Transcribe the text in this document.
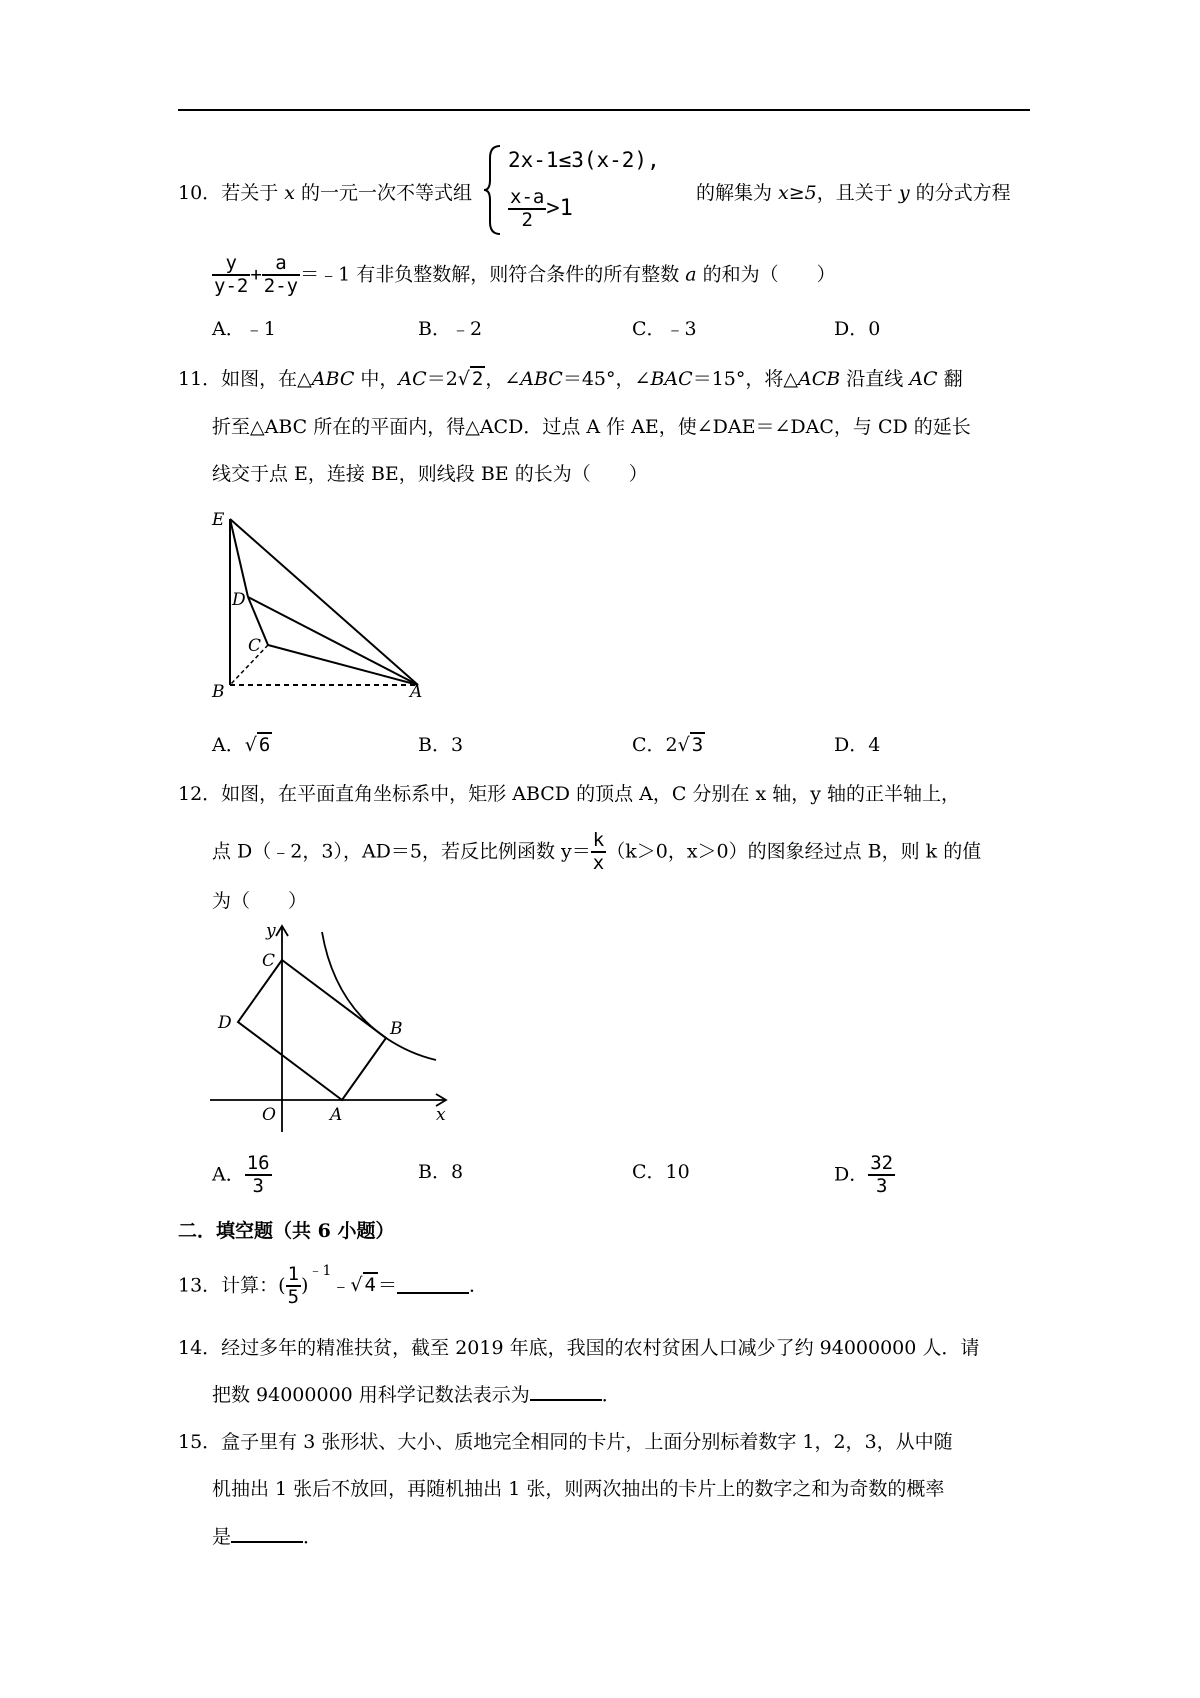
10．若关于 x 的一元一次不等式组
2x-1≤3(x-2),
$\frac{x-a}{2} >1$
的解集为 x≥5，且关于 y 的分式方程
$\frac{y}{y-2} + \frac{a}{2-y}$ ＝﹣1 有非负整数解，则符合条件的所有整数 a 的和为（　　）
A．﹣1	B．﹣2	C．﹣3	D．0
11．如图，在△ABC 中，AC＝2√ 2 ，∠ABC＝45°，∠BAC＝15°，将△ACB 沿直线 AC 翻
折至△ABC 所在的平面内，得△ACD．过点 A 作 AE，使∠DAE＝∠DAC，与 CD 的延长
线交于点 E，连接 BE，则线段 BE 的长为（　　）
E
D
C
B	A
A．√ 6	B．3	C．2√ 3	D．4
12．如图，在平面直角坐标系中，矩形 ABCD 的顶点 A，C 分别在 x 轴，y 轴的正半轴上，
点 D（﹣2，3），AD＝5，若反比例函数 $y= \frac{k}{x} (k>0$，x＞0）的图象经过点 B，则 k 的值
为（　　）
y
C
D	B
O	A	x
A． $\frac{16}{3}$	B．8	C．10	D． $\frac{32}{3}$
二．填空题（共 6 小题）
13．计算：( $\frac{1}{5}$ )$^{﹣1}$﹣√ 4 ＝	．
14．经过多年的精准扶贫，截至 2019 年底，我国的农村贫困人口减少了约 94000000 人．请
把数 94000000 用科学记数法表示为	．
15．盒子里有 3 张形状、大小、质地完全相同的卡片，上面分别标着数字 1，2，3，从中随
机抽出 1 张后不放回，再随机抽出 1 张，则两次抽出的卡片上的数字之和为奇数的概率
是	．
